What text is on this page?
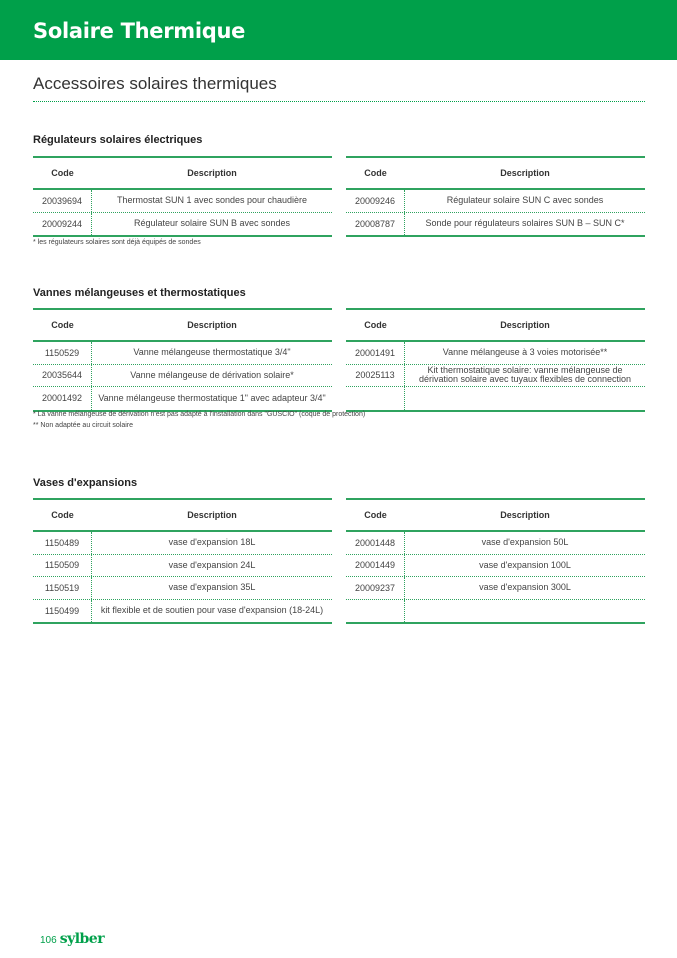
Solaire Thermique
Accessoires solaires thermiques
Régulateurs solaires électriques
Code	Description
20039694	Thermostat SUN 1 avec sondes pour chaudière
20009244	Régulateur solaire SUN B avec sondes
Code	Description
20009246	Régulateur solaire SUN C avec sondes
20008787	Sonde pour régulateurs solaires SUN B – SUN C*
* les régulateurs solaires sont déjà équipés de sondes
Vannes mélangeuses et thermostatiques
Code	Description
1150529	Vanne mélangeuse thermostatique 3/4"
20035644	Vanne mélangeuse de dérivation solaire*
20001492	Vanne mélangeuse thermostatique 1" avec adapteur 3/4"
Code	Description
20001491	Vanne mélangeuse à 3 voies motorisée**
20025113	Kit thermostatique solaire: vanne mélangeuse de dérivation solaire avec tuyaux flexibles de connection
* La vanne mélangeuse de dérivation n'est pas adapté à l'installation dans "GUSCIO" (coque de protection)
** Non adaptée au circuit solaire
Vases d'expansions
Code	Description
1150489	vase d'expansion 18L
1150509	vase d'expansion 24L
1150519	vase d'expansion 35L
1150499	kit flexible et de soutien pour vase d'expansion (18-24L)
Code	Description
20001448	vase d'expansion 50L
20001449	vase d'expansion 100L
20009237	vase d'expansion 300L
106 sylber
